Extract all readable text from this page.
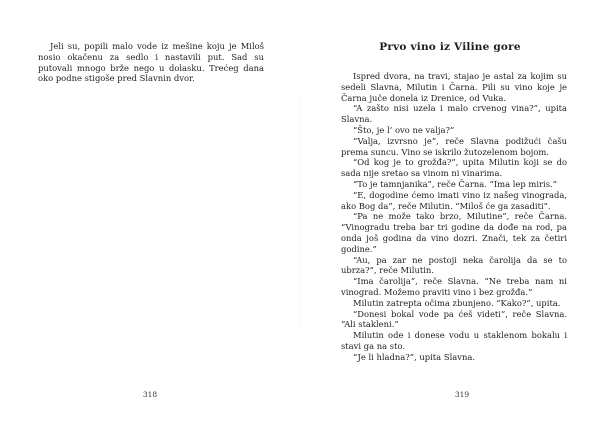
Jeli su, popili malo vode iz mešine koju je Miloš nosio okačenu za sedlo i nastavili put. Sad su putovali mnogo brže nego u dolasku. Trećeg dana oko podne stigoše pred Slavnin dvor.

318
Prvo vino iz Viline gore

Ispred dvora, na travi, stajao je astal za kojim su sedeli Slavna, Milutin i Čarna. Pili su vino koje je Čarna juče donela iz Drenice, od Vuka.

“A zašto nisi uzela i malo crvenog vina?”, upita Slavna.

“Što, je l’ ovo ne valja?”

“Valja, izvrsno je”, reče Slavna podižući čašu prema suncu. Vino se iskrilo žutozelenom bojom.

“Od kog je to grožđa?”, upita Milutin koji se do sada nije sretao sa vinom ni vinarima.

“To je tamnjanika”, reče Čarna. “Ima lep miris.”

“E, dogodine ćemo imati vino iz našeg vinograda, ako Bog da”, reče Milutin. “Miloš će ga zasaditi”.

“Pa ne može tako brzo, Milutine”, reče Čarna. “Vinogradu treba bar tri godine da dođe na rod, pa onda još godina da vino dozri. Znači, tek za četiri godine.”

“Au, pa zar ne postoji neka čarolija da se to ubrza?”, reče Milutin.

“Ima čarolija”, reče Slavna. “Ne treba nam ni vinograd. Možemo praviti vino i bez grožđa.”

Milutin zatrepta očima zbunjeno. “Kako?”, upita.

“Donesi bokal vode pa ćeš videti”, reče Slavna. “Ali stakleni.”

Milutin ode i donese vodu u staklenom bokalu i stavi ga na sto.

“Je li hladna?”, upita Slavna.

319
